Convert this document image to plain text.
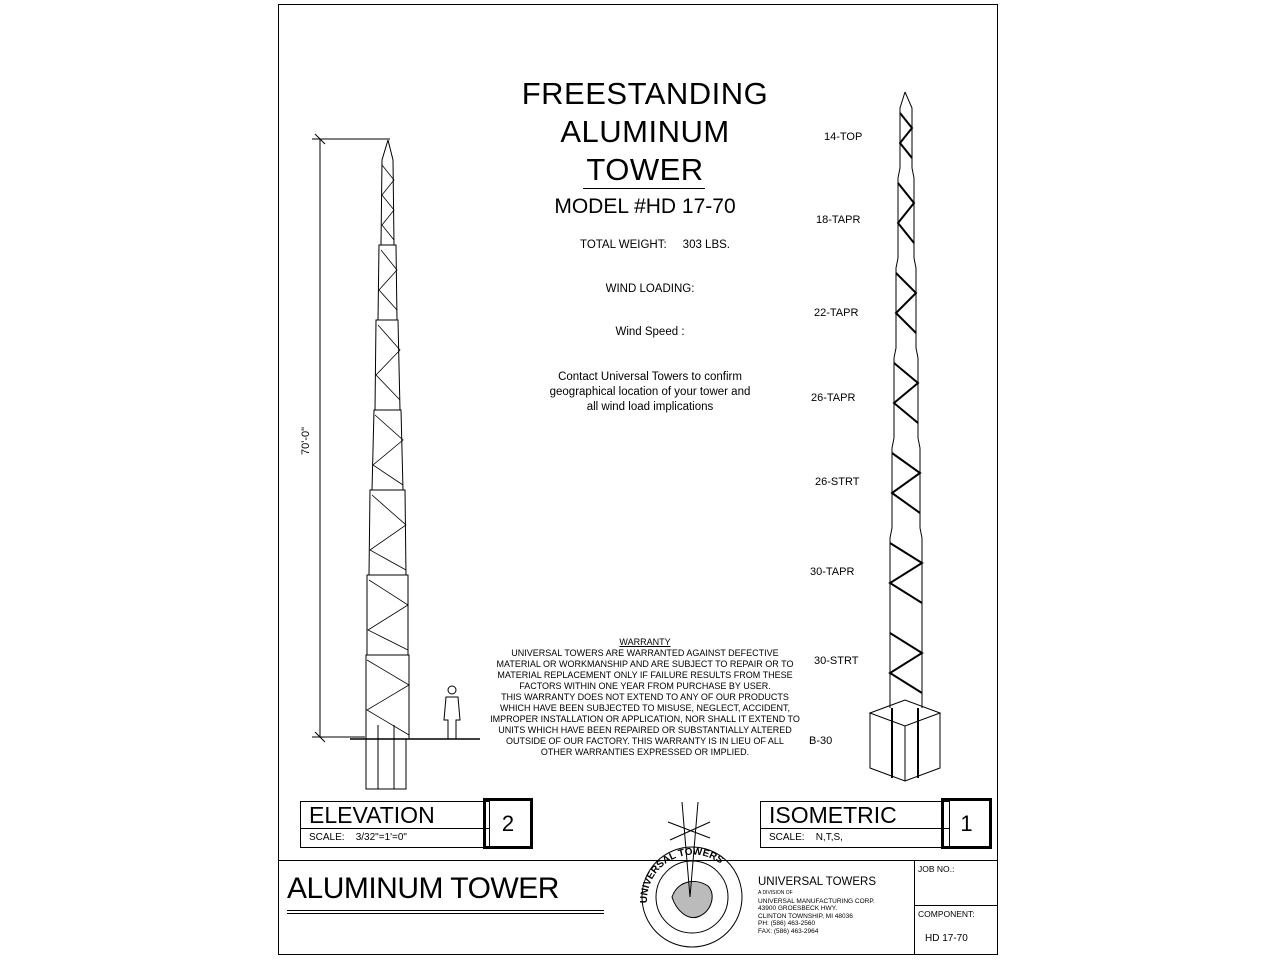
FREESTANDING
ALUMINUM
TOWER
MODEL #HD 17-70
TOTAL WEIGHT: 303 LBS.
WIND LOADING:
Wind Speed :
Contact Universal Towers to confirm
geographical location of your tower and
all wind load implications
70'-0"
14-TOP
18-TAPR
22-TAPR
26-TAPR
26-STRT
30-TAPR
30-STRT
B-30
WARRANTY
UNIVERSAL TOWERS ARE WARRANTED AGAINST DEFECTIVE
MATERIAL OR WORKMANSHIP AND ARE SUBJECT TO REPAIR OR TO
MATERIAL REPLACEMENT ONLY IF FAILURE RESULTS FROM THESE
FACTORS WITHIN ONE YEAR FROM PURCHASE BY USER.
THIS WARRANTY DOES NOT EXTEND TO ANY OF OUR PRODUCTS
WHICH HAVE BEEN SUBJECTED TO MISUSE, NEGLECT, ACCIDENT,
IMPROPER INSTALLATION OR APPLICATION, NOR SHALL IT EXTEND TO
UNITS WHICH HAVE BEEN REPAIRED OR SUBSTANTIALLY ALTERED
OUTSIDE OF OUR FACTORY. THIS WARRANTY IS IN LIEU OF ALL
OTHER WARRANTIES EXPRESSED OR IMPLIED.
ELEVATION
SCALE: 3/32"=1'=0"
2	ISOMETRIC
SCALE: N,T,S,
1
ALUMINUM TOWER	UNIVERSAL TOWERS
UNIVERSAL TOWERS
A DIVISION OF
UNIVERSAL MANUFACTURING CORP.
43900 GROESBECK HWY.
CLINTON TOWNSHIP, MI 48036
PH: (586) 463-2560
FAX: (586) 463-2964
JOB NO.:
COMPONENT:
HD 17-70
